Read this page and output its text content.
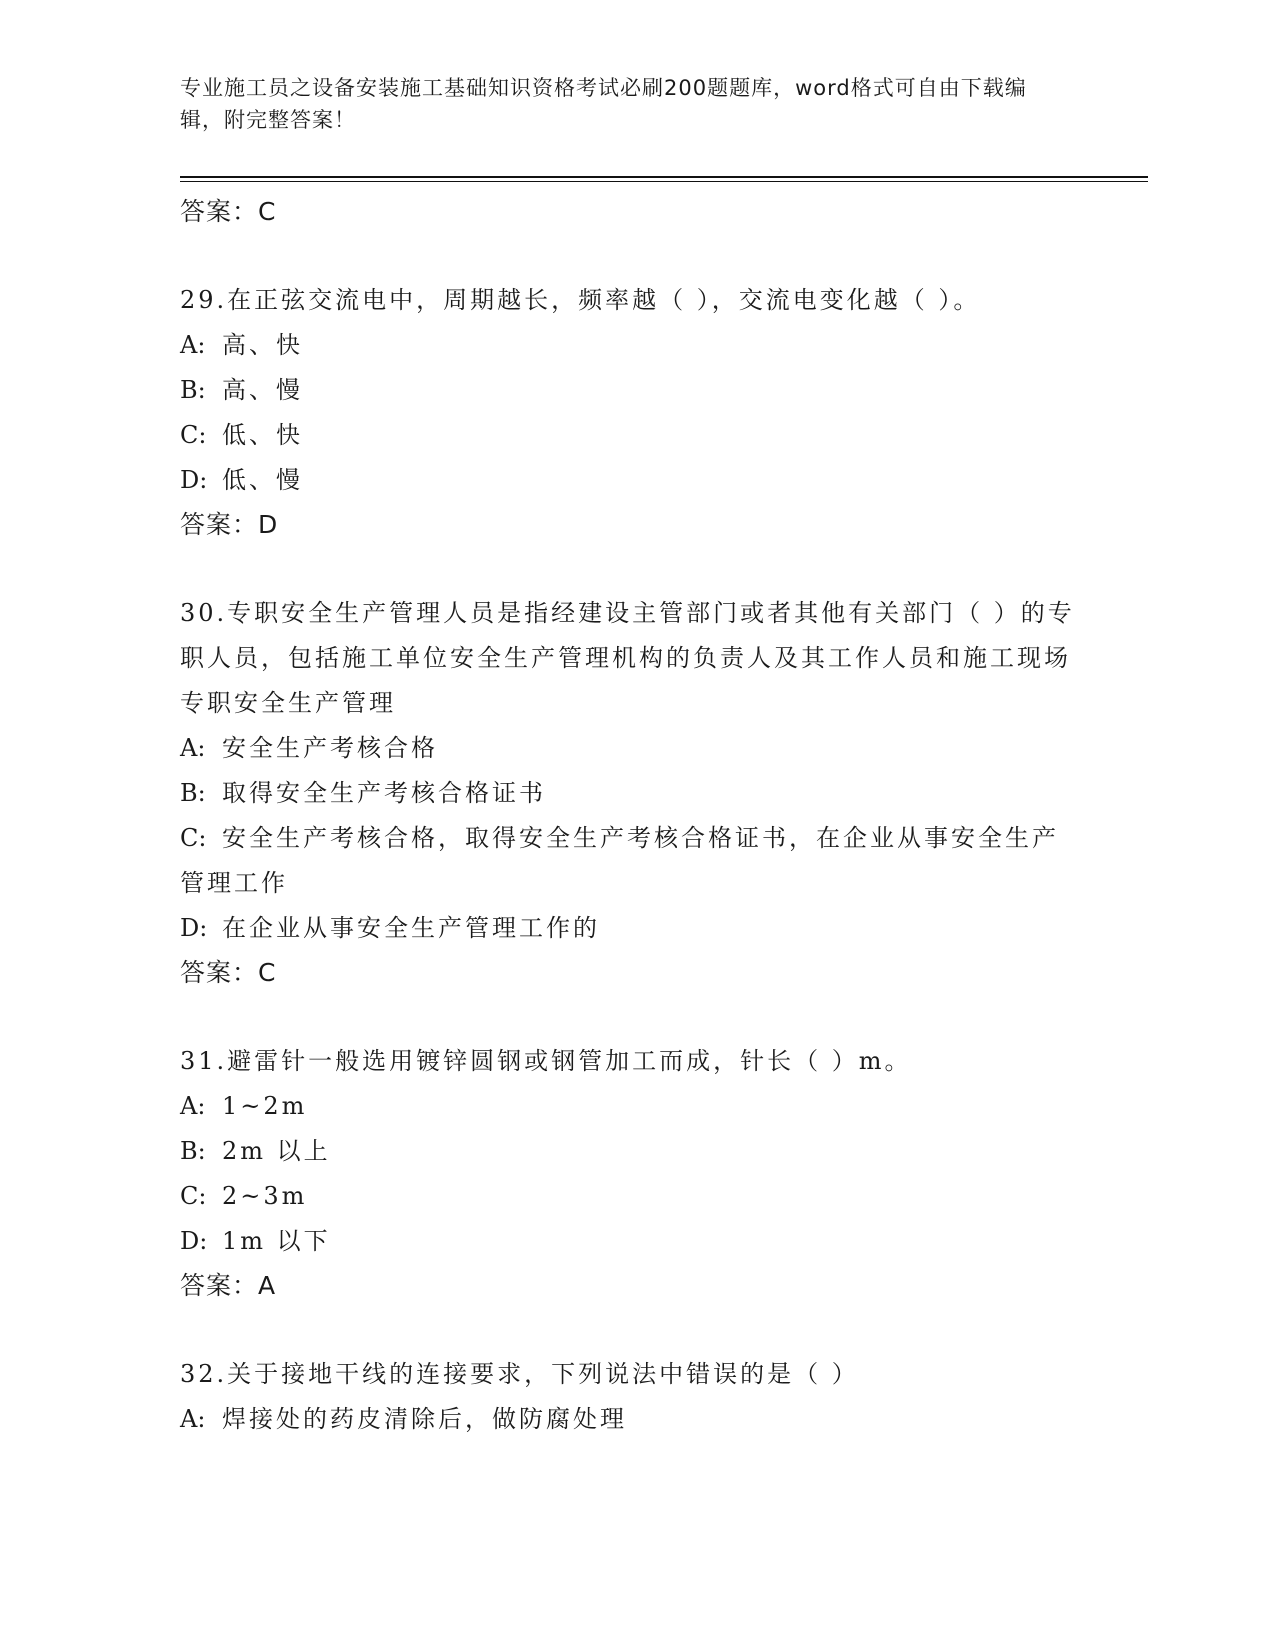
专业施工员之设备安装施工基础知识资格考试必刷200题题库，word格式可自由下载编辑，附完整答案！

答案：C

29.在正弦交流电中，周期越长，频率越（ ），交流电变化越（ ）。

A: 高、快

B: 高、慢

C: 低、快

D: 低、慢

答案：D

30.专职安全生产管理人员是指经建设主管部门或者其他有关部门（ ）的专职人员，包括施工单位安全生产管理机构的负责人及其工作人员和施工现场专职安全生产管理

A: 安全生产考核合格

B: 取得安全生产考核合格证书

C: 安全生产考核合格，取得安全生产考核合格证书，在企业从事安全生产管理工作

D: 在企业从事安全生产管理工作的

答案：C

31.避雷针一般选用镀锌圆钢或钢管加工而成，针长（ ）m。

A: 1~2m

B: 2m 以上

C: 2~3m

D: 1m 以下

答案：A

32.关于接地干线的连接要求，下列说法中错误的是（ ）

A: 焊接处的药皮清除后，做防腐处理
